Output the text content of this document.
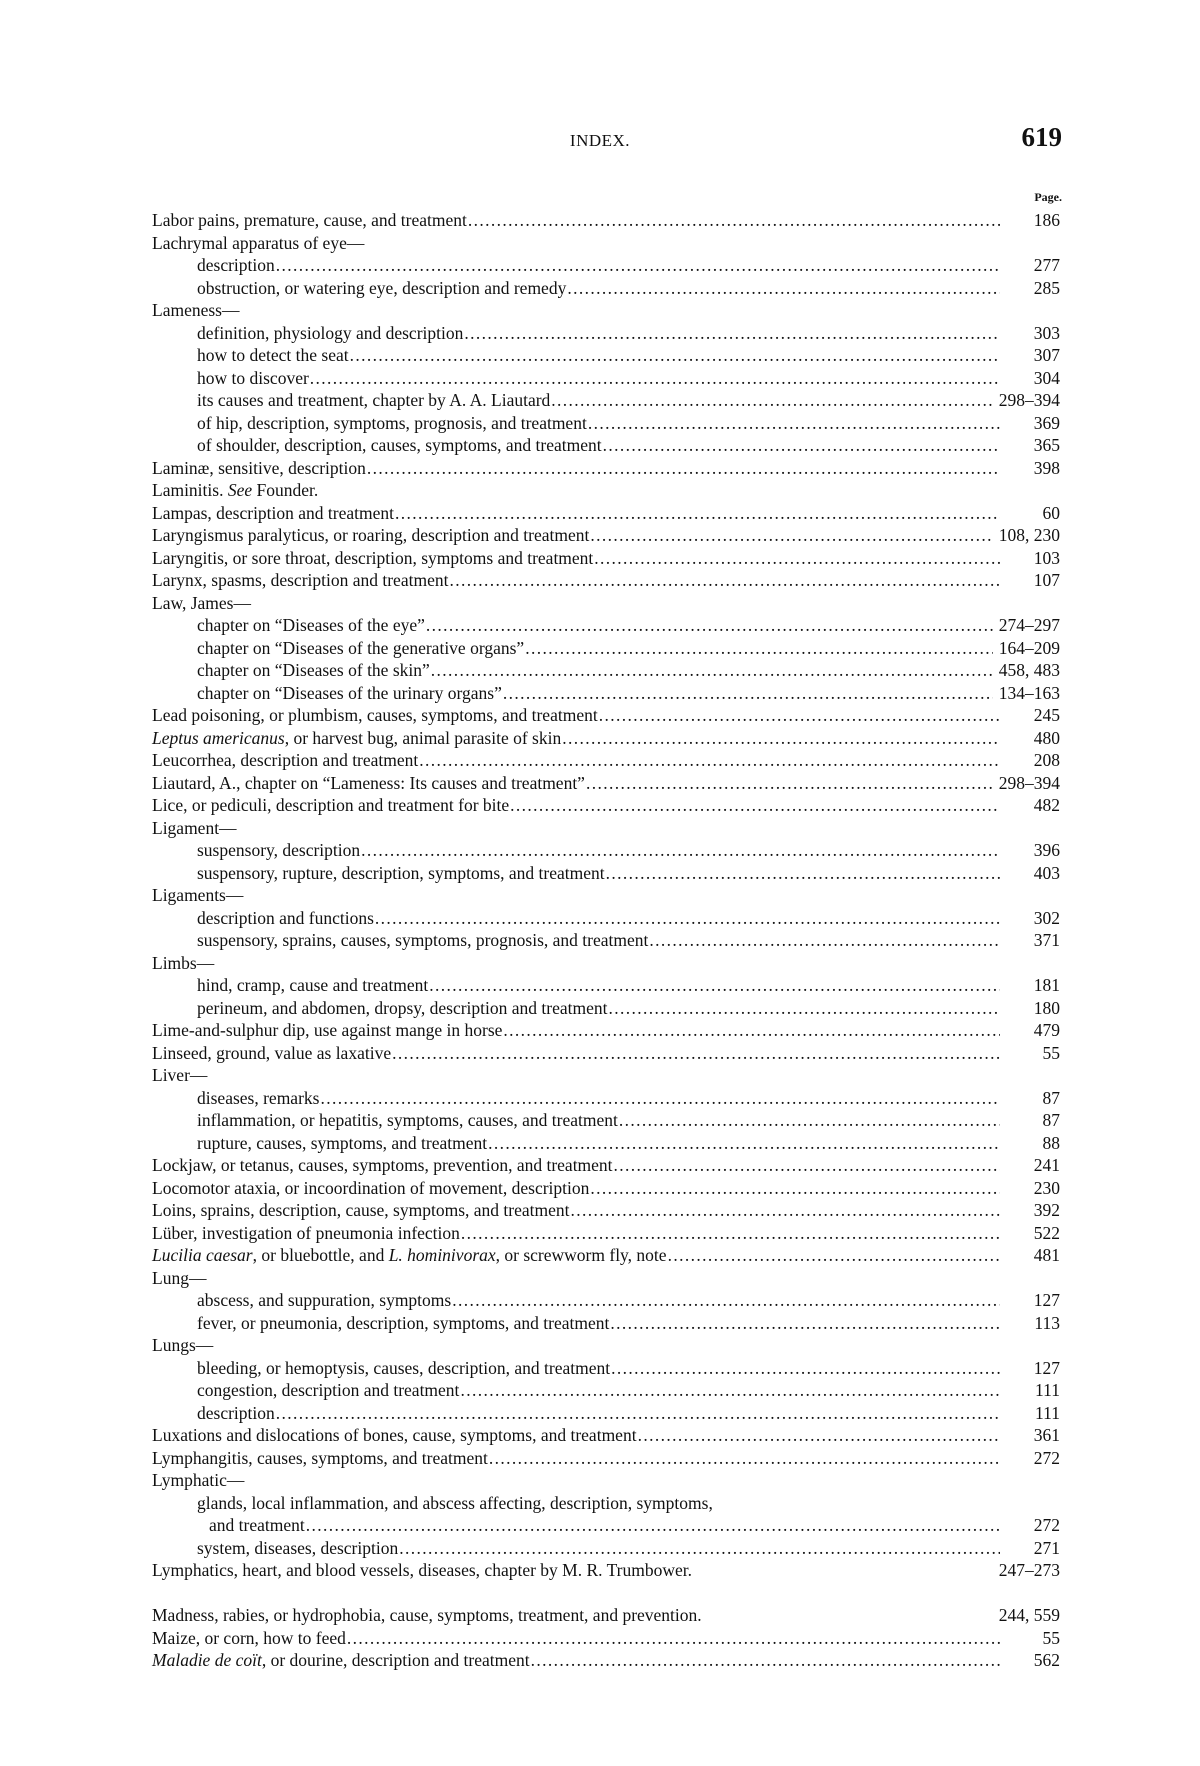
INDEX.	619
Page.
Labor pains, premature, cause, and treatment . . .	186
Lachrymal apparatus of eye—
description . . .	277
obstruction, or watering eye, description and remedy . . .	285
Lameness—
definition, physiology and description . . .	303
how to detect the seat . . .	307
how to discover . . .	304
its causes and treatment, chapter by A. A. Liautard . . .	298–394
of hip, description, symptoms, prognosis, and treatment . . .	369
of shoulder, description, causes, symptoms, and treatment . . .	365
Laminæ, sensitive, description . . .	398
Laminitis. See Founder.
Lampas, description and treatment . . .	60
Laryngismus paralyticus, or roaring, description and treatment . . .	108, 230
Laryngitis, or sore throat, description, symptoms and treatment . . .	103
Larynx, spasms, description and treatment . . .	107
Law, James—
chapter on “Diseases of the eye” . . .	274–297
chapter on “Diseases of the generative organs” . . .	164–209
chapter on “Diseases of the skin” . . .	458, 483
chapter on “Diseases of the urinary organs” . . .	134–163
Lead poisoning, or plumbism, causes, symptoms, and treatment . . .	245
Leptus americanus, or harvest bug, animal parasite of skin . . .	480
Leucorrhea, description and treatment . . .	208
Liautard, A., chapter on “Lameness: Its causes and treatment” . . .	298–394
Lice, or pediculi, description and treatment for bite . . .	482
Ligament—
suspensory, description . . .	396
suspensory, rupture, description, symptoms, and treatment . . .	403
Ligaments—
description and functions . . .	302
suspensory, sprains, causes, symptoms, prognosis, and treatment . . .	371
Limbs—
hind, cramp, cause and treatment . . .	181
perineum, and abdomen, dropsy, description and treatment . . .	180
Lime-and-sulphur dip, use against mange in horse . . .	479
Linseed, ground, value as laxative . . .	55
Liver—
diseases, remarks . . .	87
inflammation, or hepatitis, symptoms, causes, and treatment . . .	87
rupture, causes, symptoms, and treatment . . .	88
Lockjaw, or tetanus, causes, symptoms, prevention, and treatment . . .	241
Locomotor ataxia, or incoordination of movement, description . . .	230
Loins, sprains, description, cause, symptoms, and treatment . . .	392
Lüber, investigation of pneumonia infection . . .	522
Lucilia caesar, or bluebottle, and L. hominivorax, or screwworm fly, note . . .	481
Lung—
abscess, and suppuration, symptoms . . .	127
fever, or pneumonia, description, symptoms, and treatment . . .	113
Lungs—
bleeding, or hemoptysis, causes, description, and treatment . . .	127
congestion, description and treatment . . .	111
description . . .	111
Luxations and dislocations of bones, cause, symptoms, and treatment . . .	361
Lymphangitis, causes, symptoms, and treatment . . .	272
Lymphatic—
glands, local inflammation, and abscess affecting, description, symptoms,
and treatment . . .	272
system, diseases, description . . .	271
Lymphatics, heart, and blood vessels, diseases, chapter by M. R. Trumbower.	247–273
Madness, rabies, or hydrophobia, cause, symptoms, treatment, and prevention.	244, 559
Maize, or corn, how to feed . . .	55
Maladie de coït, or dourine, description and treatment . . .	562
